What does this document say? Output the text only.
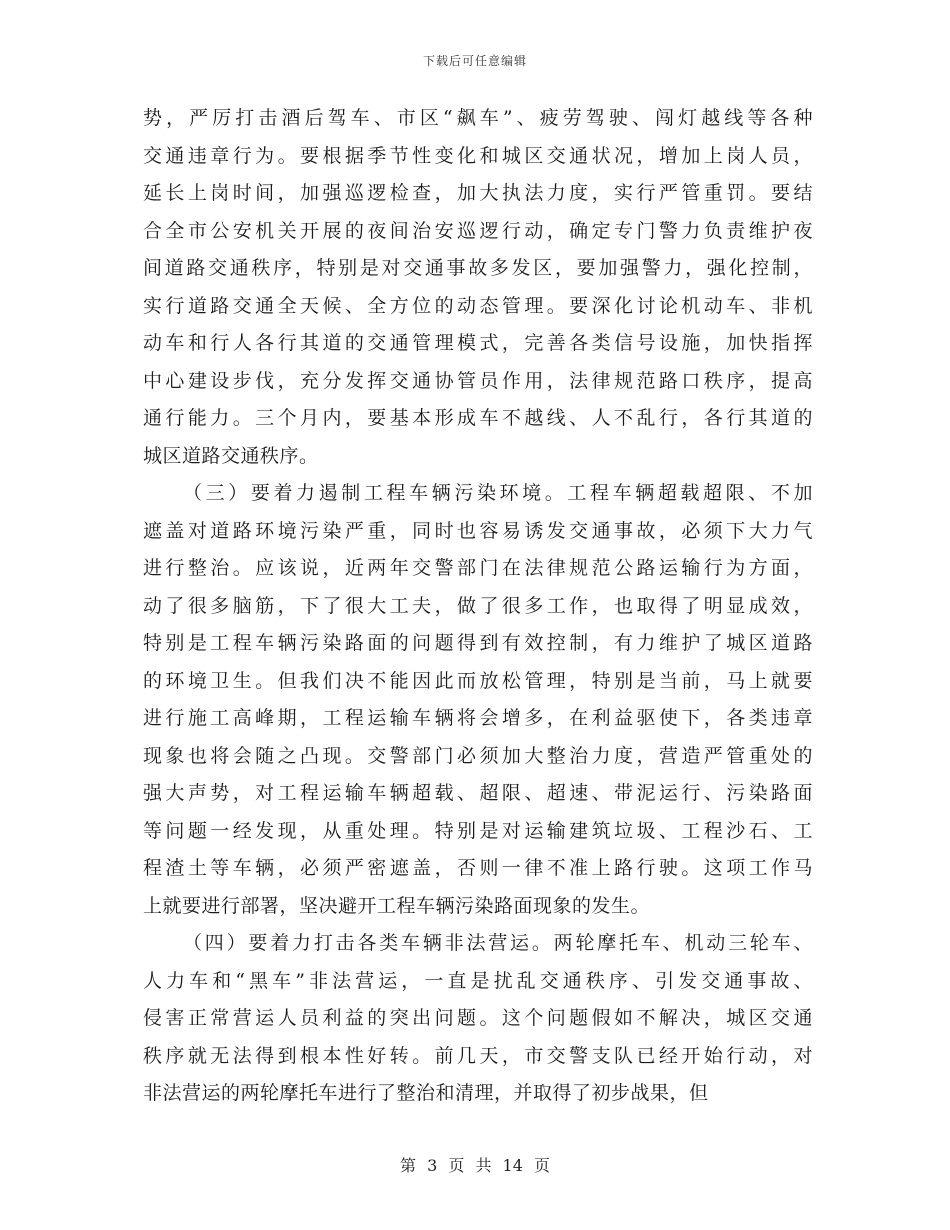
下载后可任意编辑
势，严厉打击酒后驾车、市区“飙车”、疲劳驾驶、闯灯越线等各种
交通违章行为。要根据季节性变化和城区交通状况，增加上岗人员，
延长上岗时间，加强巡逻检查，加大执法力度，实行严管重罚。要结
合全市公安机关开展的夜间治安巡逻行动，确定专门警力负责维护夜
间道路交通秩序，特别是对交通事故多发区，要加强警力，强化控制，
实行道路交通全天候、全方位的动态管理。要深化讨论机动车、非机
动车和行人各行其道的交通管理模式，完善各类信号设施，加快指挥
中心建设步伐，充分发挥交通协管员作用，法律规范路口秩序，提高
通行能力。三个月内，要基本形成车不越线、人不乱行，各行其道的
城区道路交通秩序。
（三）要着力遏制工程车辆污染环境。工程车辆超载超限、不加
遮盖对道路环境污染严重，同时也容易诱发交通事故，必须下大力气
进行整治。应该说，近两年交警部门在法律规范公路运输行为方面，
动了很多脑筋，下了很大工夫，做了很多工作，也取得了明显成效，
特别是工程车辆污染路面的问题得到有效控制，有力维护了城区道路
的环境卫生。但我们决不能因此而放松管理，特别是当前，马上就要
进行施工高峰期，工程运输车辆将会增多，在利益驱使下，各类违章
现象也将会随之凸现。交警部门必须加大整治力度，营造严管重处的
强大声势，对工程运输车辆超载、超限、超速、带泥运行、污染路面
等问题一经发现，从重处理。特别是对运输建筑垃圾、工程沙石、工
程渣土等车辆，必须严密遮盖，否则一律不准上路行驶。这项工作马
上就要进行部署，坚决避开工程车辆污染路面现象的发生。
（四）要着力打击各类车辆非法营运。两轮摩托车、机动三轮车、
人力车和“黑车”非法营运，一直是扰乱交通秩序、引发交通事故、
侵害正常营运人员利益的突出问题。这个问题假如不解决，城区交通
秩序就无法得到根本性好转。前几天，市交警支队已经开始行动，对
非法营运的两轮摩托车进行了整治和清理，并取得了初步战果，但
第 3 页 共 14 页
